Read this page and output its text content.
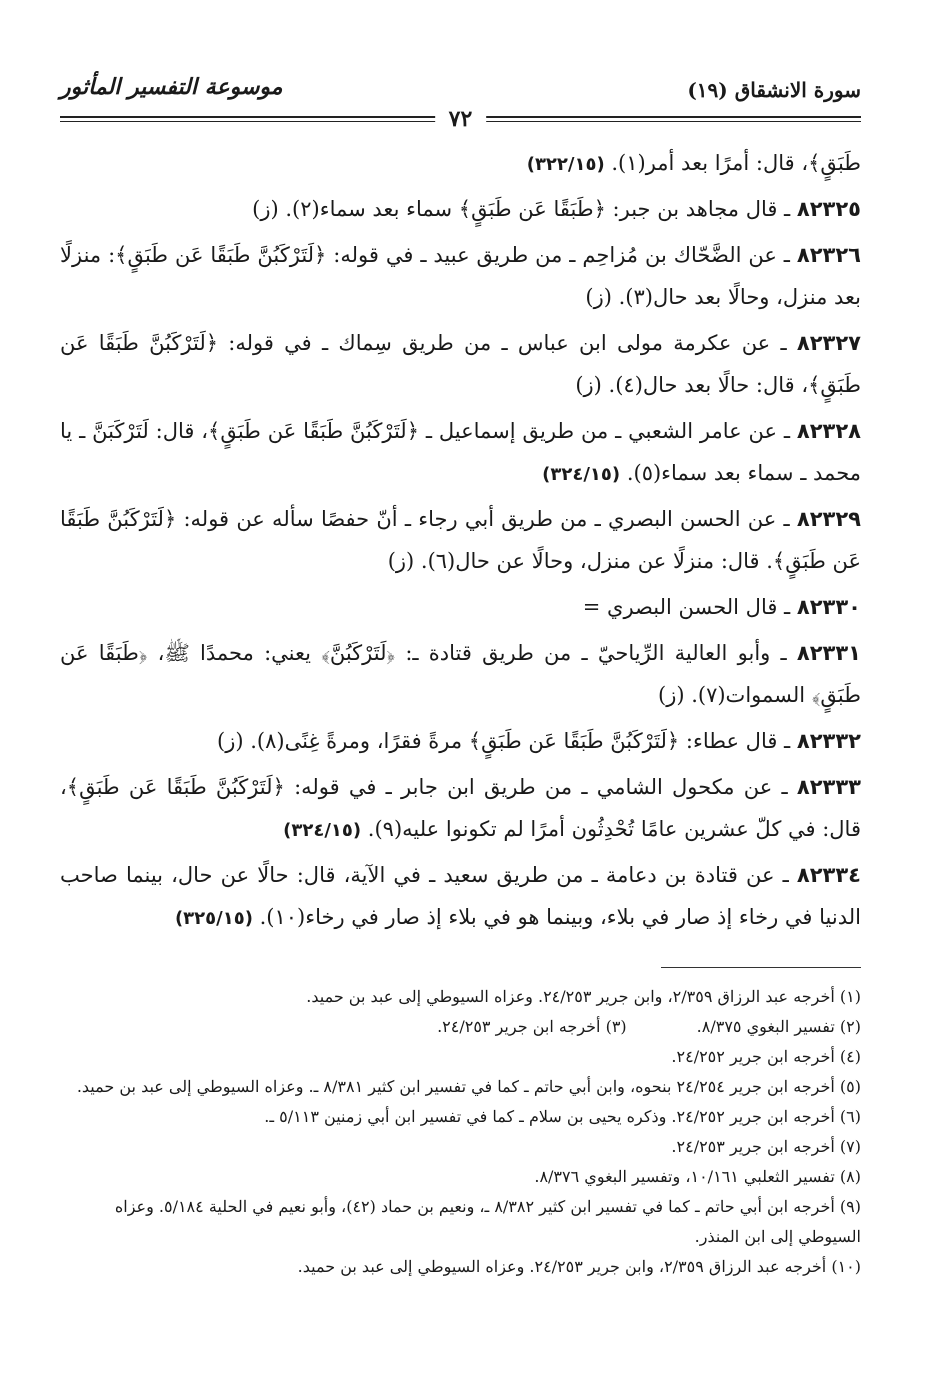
سورة الانشقاق (١٩)
موسوعة التفسير المأثور
٧٢

طَبَقٍ﴾، قال: أمرًا بعد أمر(١). (٣٢٢/١٥)

٨٢٣٢٥ ـ قال مجاهد بن جبر: ﴿طَبَقًا عَن طَبَقٍ﴾ سماء بعد سماء(٢). (ز)

٨٢٣٢٦ ـ عن الضَّحّاك بن مُزاحِم ـ من طريق عبيد ـ في قوله: ﴿لَتَرْكَبُنَّ طَبَقًا عَن طَبَقٍ﴾: منزلًا بعد منزل، وحالًا بعد حال(٣). (ز)

٨٢٣٢٧ ـ عن عكرمة مولى ابن عباس ـ من طريق سِماك ـ في قوله: ﴿لَتَرْكَبُنَّ طَبَقًا عَن طَبَقٍ﴾، قال: حالًا بعد حال(٤). (ز)

٨٢٣٢٨ ـ عن عامر الشعبي ـ من طريق إسماعيل ـ ﴿لَتَرْكَبُنَّ طَبَقًا عَن طَبَقٍ﴾، قال: لَتَرْكَبَنَّ ـ يا محمد ـ سماء بعد سماء(٥). (٣٢٤/١٥)

٨٢٣٢٩ ـ عن الحسن البصري ـ من طريق أبي رجاء ـ أنّ حفصًا سأله عن قوله: ﴿لَتَرْكَبُنَّ طَبَقًا عَن طَبَقٍ﴾. قال: منزلًا عن منزل، وحالًا عن حال(٦). (ز)

٨٢٣٣٠ ـ قال الحسن البصري =

٨٢٣٣١ ـ وأبو العالية الرِّياحيّ ـ من طريق قتادة ـ: ﴿لَتَرْكَبُنَّ﴾ يعني: محمدًا ﷺ، ﴿طَبَقًا عَن طَبَقٍ﴾ السموات(٧). (ز)

٨٢٣٣٢ ـ قال عطاء: ﴿لَتَرْكَبُنَّ طَبَقًا عَن طَبَقٍ﴾ مرةً فقرًا، ومرةً غِنًى(٨). (ز)

٨٢٣٣٣ ـ عن مكحول الشامي ـ من طريق ابن جابر ـ في قوله: ﴿لَتَرْكَبُنَّ طَبَقًا عَن طَبَقٍ﴾، قال: في كلّ عشرين عامًا تُحْدِثُون أمرًا لم تكونوا عليه(٩). (٣٢٤/١٥)

٨٢٣٣٤ ـ عن قتادة بن دعامة ـ من طريق سعيد ـ في الآية، قال: حالًا عن حال، بينما صاحب الدنيا في رخاء إذ صار في بلاء، وبينما هو في بلاء إذ صار في رخاء(١٠). (٣٢٥/١٥)

(١) أخرجه عبد الرزاق ٢/٣٥٩، وابن جرير ٢٤/٢٥٣. وعزاه السيوطي إلى عبد بن حميد.

(٢) تفسير البغوي ٨/٣٧٥.
(٣) أخرجه ابن جرير ٢٤/٢٥٣.

(٤) أخرجه ابن جرير ٢٤/٢٥٢.

(٥) أخرجه ابن جرير ٢٤/٢٥٤ بنحوه، وابن أبي حاتم ـ كما في تفسير ابن كثير ٨/٣٨١ ـ. وعزاه السيوطي إلى عبد بن حميد.

(٦) أخرجه ابن جرير ٢٤/٢٥٢. وذكره يحيى بن سلام ـ كما في تفسير ابن أبي زمنين ٥/١١٣ ـ.

(٧) أخرجه ابن جرير ٢٤/٢٥٣.

(٨) تفسير الثعلبي ١٠/١٦١، وتفسير البغوي ٨/٣٧٦.

(٩) أخرجه ابن أبي حاتم ـ كما في تفسير ابن كثير ٨/٣٨٢ ـ، ونعيم بن حماد (٤٢)، وأبو نعيم في الحلية ٥/١٨٤. وعزاه السيوطي إلى ابن المنذر.

(١٠) أخرجه عبد الرزاق ٢/٣٥٩، وابن جرير ٢٤/٢٥٣. وعزاه السيوطي إلى عبد بن حميد.
